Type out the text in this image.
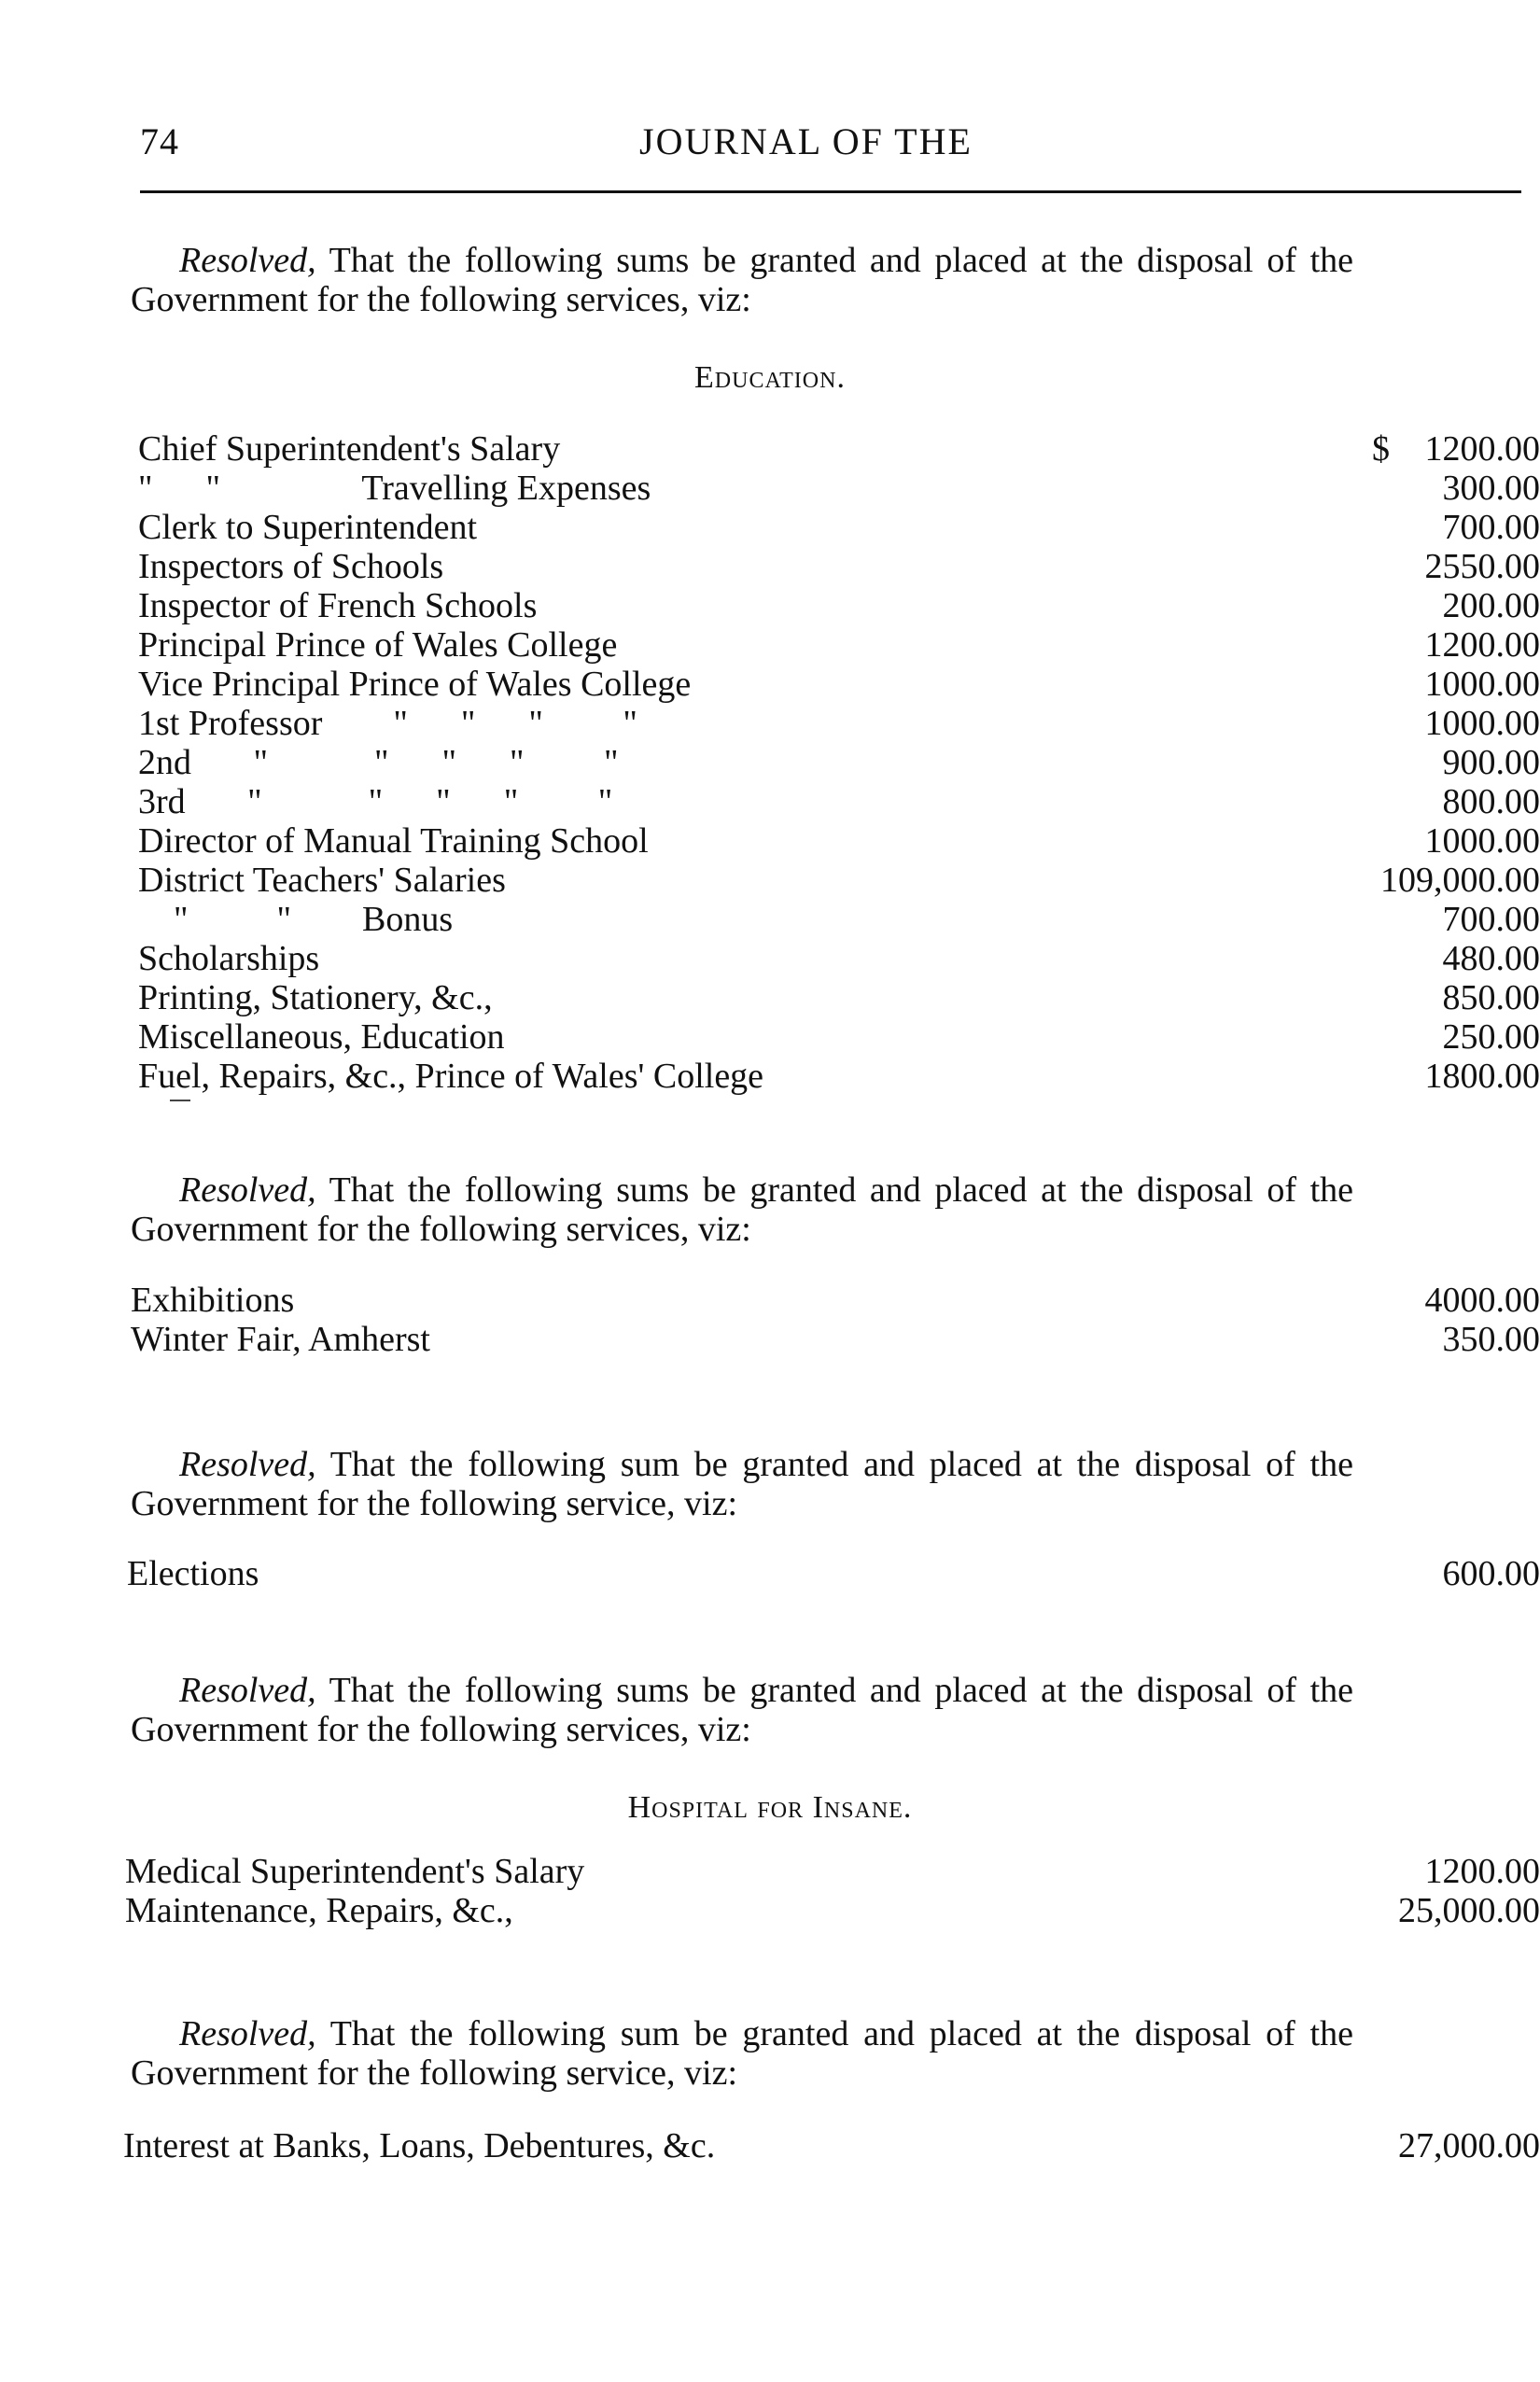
74	JOURNAL OF THE
Resolved, That the following sums be granted and placed at the disposal of the Government for the following services, viz:
Education.
Chief Superintendent's Salary	$ 1200.00
"      "                Travelling Expenses	300.00
Clerk to Superintendent	700.00
Inspectors of Schools	2550.00
Inspector of French Schools	200.00
Principal Prince of Wales College	1200.00
Vice Principal Prince of Wales College	1000.00
1st Professor        "      "      "         "	1000.00
2nd       "            "      "      "         "	900.00
3rd       "            "      "      "         "	800.00
Director of Manual Training School	1000.00
District Teachers' Salaries	109,000.00
"          "        Bonus	700.00
Scholarships	480.00
Printing, Stationery, &c.,	850.00
Miscellaneous, Education	250.00
Fuel, Repairs, &c., Prince of Wales' College	1800.00
Resolved, That the following sums be granted and placed at the disposal of the Government for the following services, viz:
Exhibitions	4000.00
Winter Fair, Amherst	350.00
Resolved, That the following sum be granted and placed at the disposal of the Government for the following service, viz:
Elections	600.00
Resolved, That the following sums be granted and placed at the disposal of the Government for the following services, viz:
Hospital for Insane.
Medical Superintendent's Salary	1200.00
Maintenance, Repairs, &c.,	25,000.00
Resolved, That the following sum be granted and placed at the disposal of the Government for the following service, viz:
Interest at Banks, Loans, Debentures, &c.	27,000.00
